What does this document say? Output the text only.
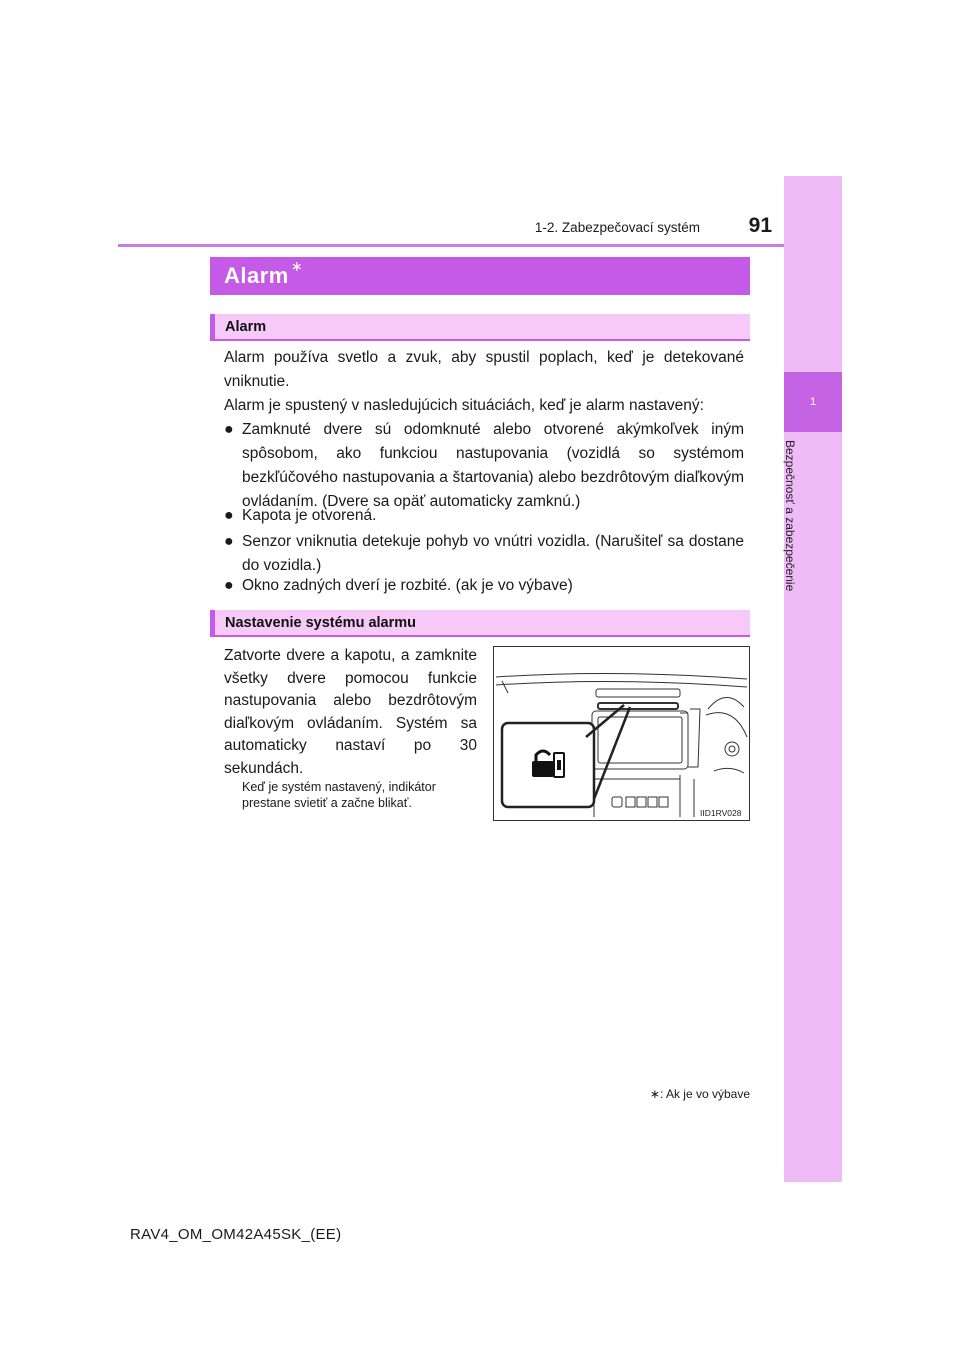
1
Bezpečnosť a zabezpečenie
1-2. Zabezpečovací systém	91
Alarm ∗
Alarm
Alarm používa svetlo a zvuk, aby spustil poplach, keď je detekované vniknutie.
Alarm je spustený v nasledujúcich situáciách, keď je alarm nastavený:
● Zamknuté dvere sú odomknuté alebo otvorené akýmkoľvek iným spôsobom, ako funkciou nastupovania (vozidlá so systémom bezkľúčového nastupovania a štartovania) alebo bezdrôtovým diaľkovým ovládaním. (Dvere sa opäť automaticky zamknú.)
● Kapota je otvorená.
● Senzor vniknutia detekuje pohyb vo vnútri vozidla. (Narušiteľ sa dostane do vozidla.)
● Okno zadných dverí je rozbité. (ak je vo výbave)
Nastavenie systému alarmu
Zatvorte dvere a kapotu, a zamknite všetky dvere pomocou funkcie nastupovania alebo bezdrôtovým diaľkovým ovládaním. Systém sa automaticky nastaví po 30 sekundách.
Keď je systém nastavený, indikátor prestane svietiť a začne blikať.
IID1RV028
∗: Ak je vo výbave
RAV4_OM_OM42A45SK_(EE)
